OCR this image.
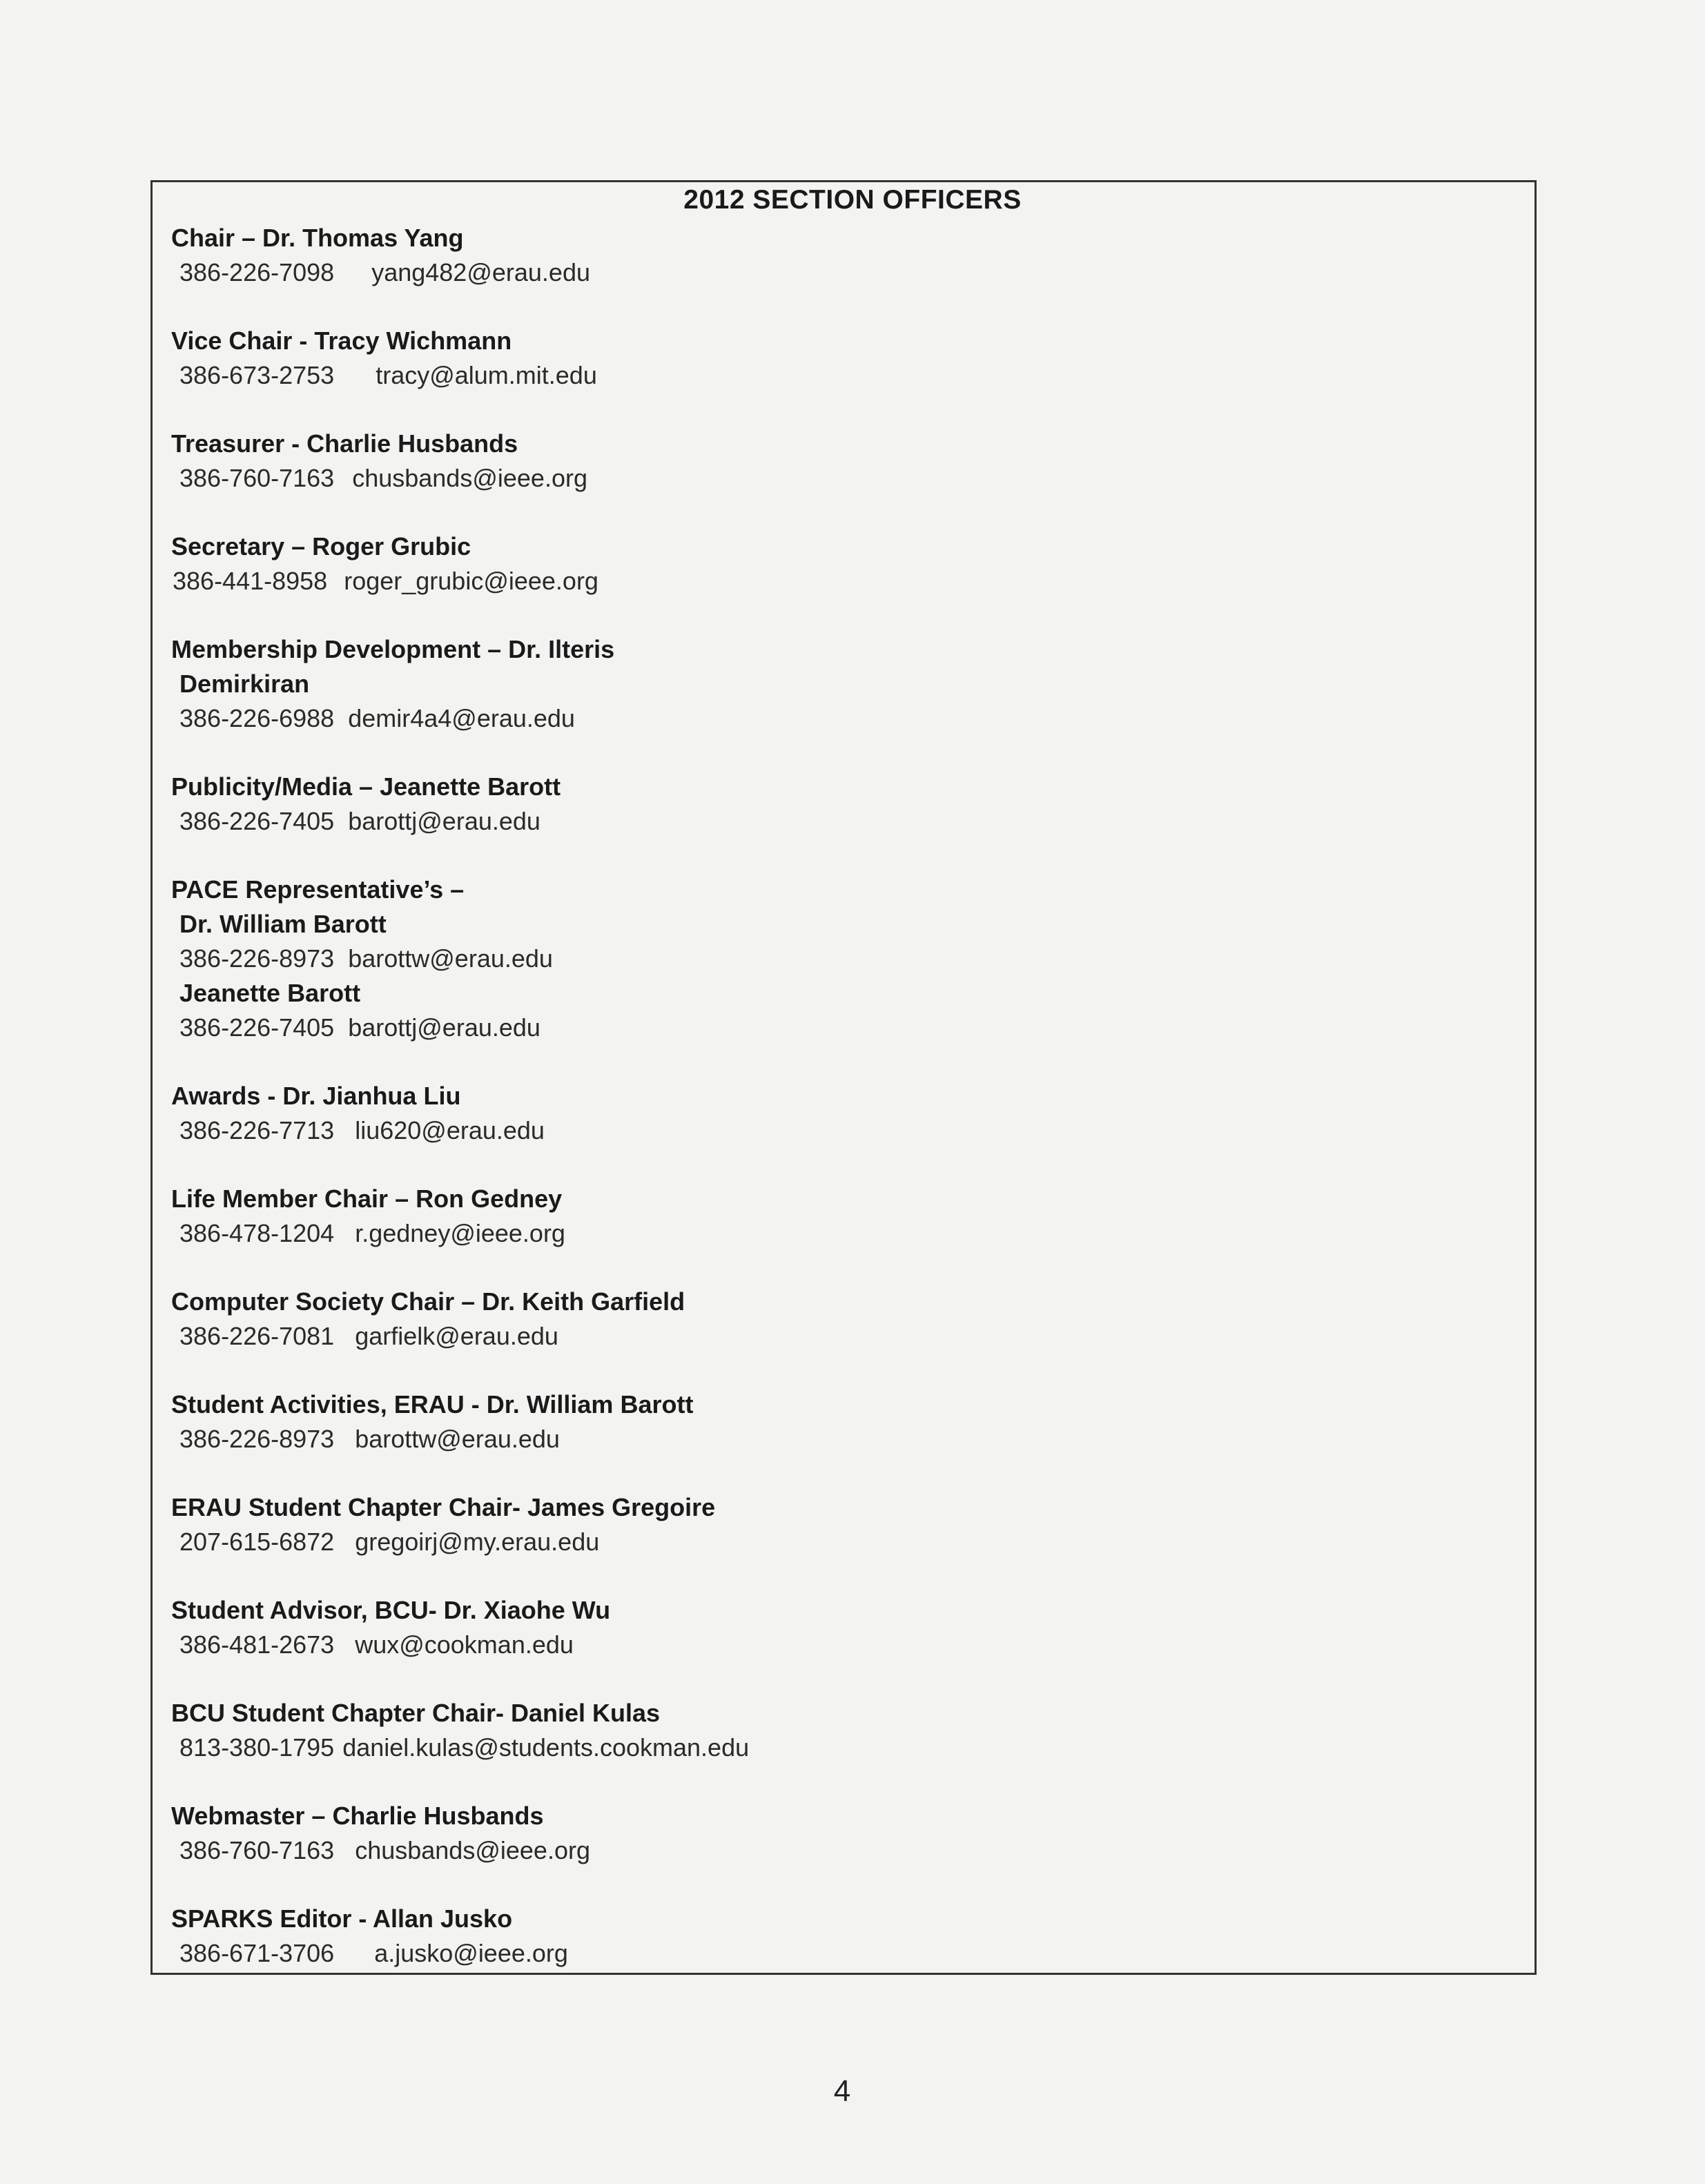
2012 SECTION OFFICERS
Chair – Dr. Thomas Yang
386-226-7098 yang482@erau.edu
Vice Chair - Tracy Wichmann
386-673-2753 tracy@alum.mit.edu
Treasurer - Charlie Husbands
386-760-7163 chusbands@ieee.org
Secretary – Roger Grubic
386-441-8958 roger_grubic@ieee.org
Membership Development – Dr. Ilteris
Demirkiran
386-226-6988 demir4a4@erau.edu
Publicity/Media – Jeanette Barott
386-226-7405 barottj@erau.edu
PACE Representative’s –
Dr. William Barott
386-226-8973 barottw@erau.edu
Jeanette Barott
386-226-7405 barottj@erau.edu
Awards - Dr. Jianhua Liu
386-226-7713 liu620@erau.edu
Life Member Chair – Ron Gedney
386-478-1204 r.gedney@ieee.org
Computer Society Chair – Dr. Keith Garfield
386-226-7081 garfielk@erau.edu
Student Activities, ERAU - Dr. William Barott
386-226-8973 barottw@erau.edu
ERAU Student Chapter Chair- James Gregoire
207-615-6872 gregoirj@my.erau.edu
Student Advisor, BCU- Dr. Xiaohe Wu
386-481-2673 wux@cookman.edu
BCU Student Chapter Chair- Daniel Kulas
813-380-1795 daniel.kulas@students.cookman.edu
Webmaster – Charlie Husbands
386-760-7163 chusbands@ieee.org
SPARKS Editor - Allan Jusko
386-671-3706 a.jusko@ieee.org
4
